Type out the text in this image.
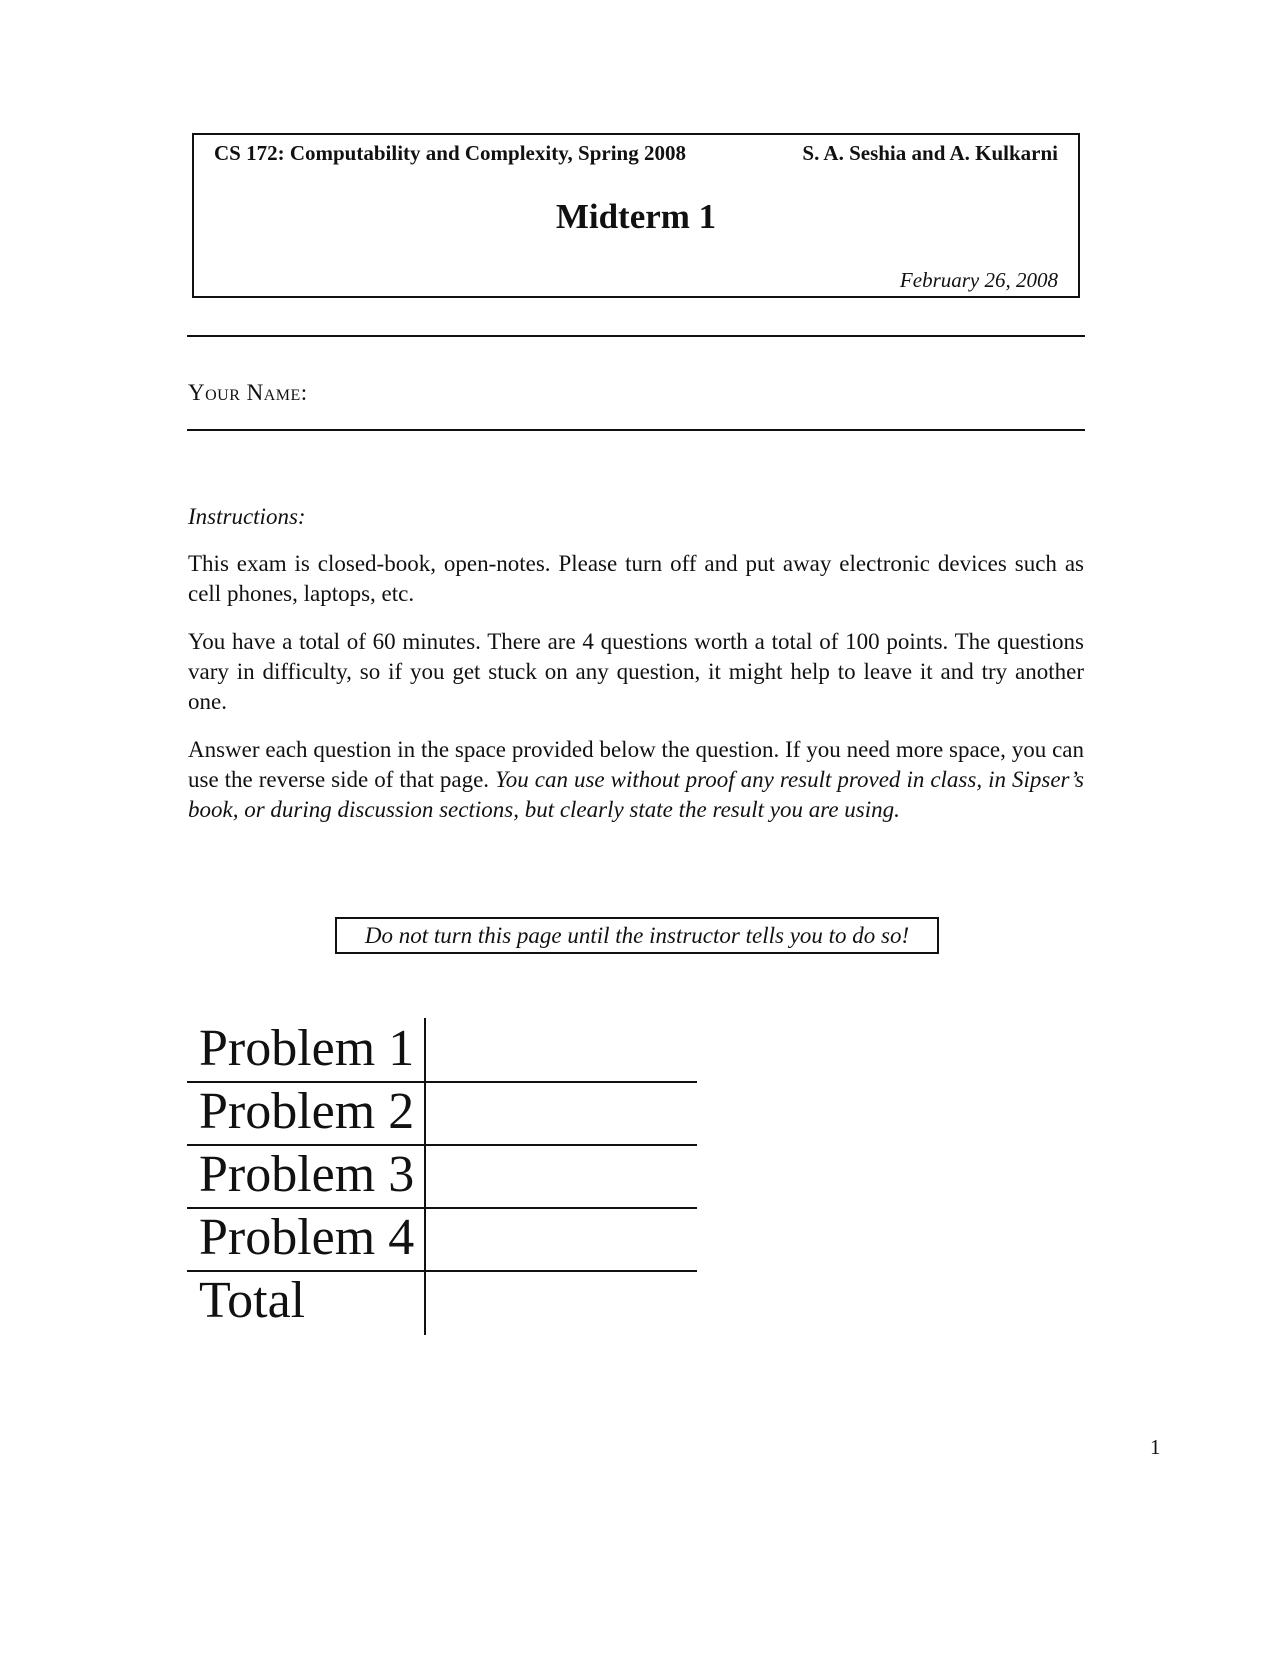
CS 172: Computability and Complexity, Spring 2008	S. A. Seshia and A. Kulkarni
Midterm 1
February 26, 2008
Your Name:
Instructions:
This exam is closed-book, open-notes. Please turn off and put away electronic devices such as cell phones, laptops, etc.
You have a total of 60 minutes. There are 4 questions worth a total of 100 points. The questions vary in difficulty, so if you get stuck on any question, it might help to leave it and try another one.
Answer each question in the space provided below the question. If you need more space, you can use the reverse side of that page. You can use without proof any result proved in class, in Sipser’s book, or during discussion sections, but clearly state the result you are using.
Do not turn this page until the instructor tells you to do so!
Problem 1
Problem 2
Problem 3
Problem 4
Total
1
